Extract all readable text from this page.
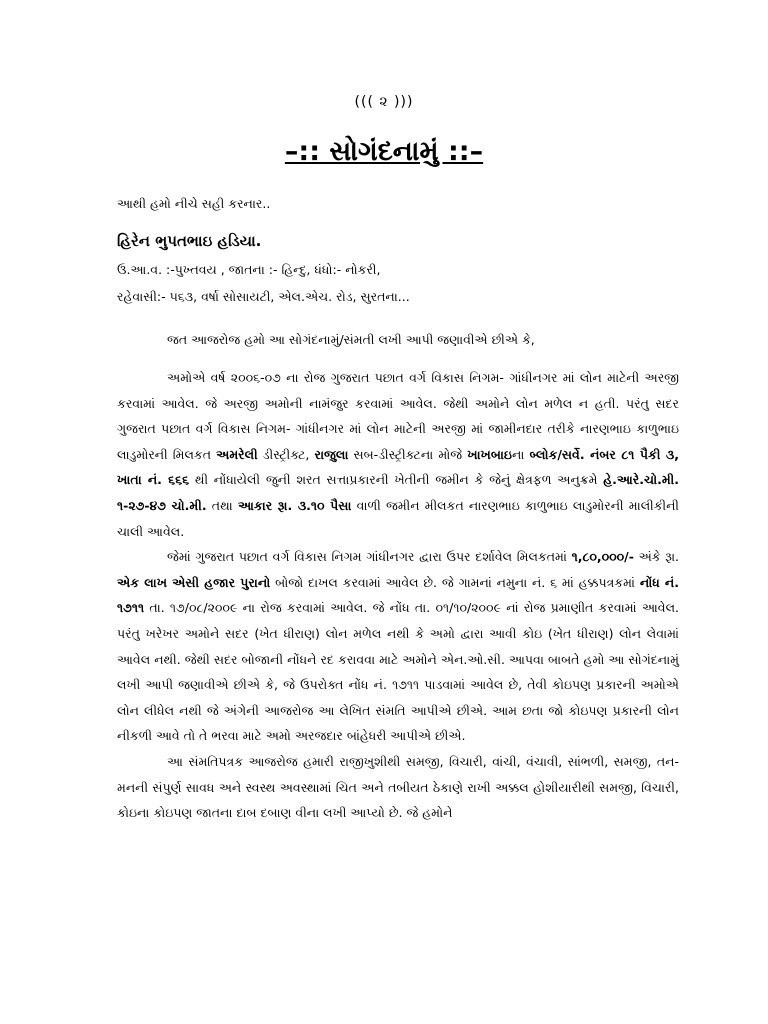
((( ૨ )))
–:: સોગંદનામું ::–
આથી હમો નીચે સહી કરનાર..
હિરેન ભુપતભાઇ હડિયા.
ઉ.આ.વ. :-પુખ્તવય , જાતના :- હિન્દુ, ધંધો:- નોકરી,
રહેવાસી:- ૫૬૩, વર્ષા સોસાયટી, એલ.એચ. રોડ, સુરતના...
જત આજરોજ હમો આ સોગંદનામું/સંમતી લખી આપી જણાવીએ છીએ કે,

અમોએ વર્ષ ૨૦૦૬-૦૭ ના રોજ ગુજરાત પછાત વર્ગ વિકાસ નિગમ- ગાંધીનગર માં લોન માટેની અરજી કરવામાં આવેલ. જે અરજી અમોની નામંજુર કરવામાં આવેલ. જેથી અમોને લોન મળેલ ન હતી. પરંતુ સદર ગુજરાત પછાત વર્ગ વિકાસ નિગમ- ગાંધીનગર માં લોન માટેની અરજી માં જામીનદાર તરીકે નારણભાઇ કાળુભાઇ લાડુમોરની મિલકત અમરેલી ડીસ્ટ્રીક્ટ, રાજુલા સબ-ડીસ્ટ્રીક્ટના મોજે ખાખબાઇના બ્લોક/સર્વે. નંબર ૮૧ પૈકી ૩, ખાતા નં. ૬૬૬ થી નોંધાયેલી જુની શરત સત્તાપ્રકારની ખેતીની જમીન કે જેનું ક્ષેત્રફળ અનુક્રમે હે.આરે.ચો.મી. ૧-૨૭-૪૭ ચો.મી. તથા આકાર રૂા. ૩.૧૦ પૈસા વાળી જમીન મીલકત નારણભાઇ કાળુભાઇ લાડુમોરની માલીકીની ચાલી આવેલ.

જેમાં ગુજરાત પછાત વર્ગ વિકાસ નિગમ ગાંધીનગર દ્વારા ઉપર દર્શાવેલ મિલકતમાં ૧,૮૦,૦૦૦/- અંકે રૂા. એક લાખ એસી હજાર પુરાનો બોજો દાખલ કરવામાં આવેલ છે. જે ગામનાં નમુના નં. ૬ માં હક્કપત્રકમાં નોંધ નં. ૧૭૧૧ તા. ૧૭/૦૮/૨૦૦૯ ના રોજ કરવામાં આવેલ. જે નોંધ તા. ૦૧/૧૦/૨૦૦૯ નાં રોજ પ્રમાણીત કરવામાં આવેલ. પરંતુ ખરેખર અમોને સદર (ખેત ધીરાણ) લોન મળેલ નથી કે અમો દ્વારા આવી કોઇ (ખેત ધીરાણ) લોન લેવામાં આવેલ નથી. જેથી સદર બોજાની નોંધને રદ કરાવવા માટે અમોને એન.ઓ.સી. આપવા બાબતે હમો આ સોગંદનામું લખી આપી જણાવીએ છીએ કે, જે ઉપરોક્ત નોંધ નં. ૧૭૧૧ પાડવામાં આવેલ છે, તેવી કોઇપણ પ્રકારની અમોએ લોન લીધેલ નથી જે અંગેની આજરોજ આ લેખિત સંમતિ આપીએ છીએ. આમ છતા જો કોઇપણ પ્રકારની લોન નીકળી આવે તો તે ભરવા માટે અમો અરજદાર બાંહેધરી આપીએ છીએ.

આ સંમતિપત્રક આજરોજ હમારી રાજીખુશીથી સમજી, વિચારી, વાંચી, વંચાવી, સાંભળી, સમજી, તન-મનની સંપુર્ણ સાવધ અને સ્વસ્થ અવસ્થામાં ચિત અને તબીયત ઠેકાણે રાખી અક્કલ હોશીયારીથી સમજી, વિચારી, કોઇના કોઇપણ જાતના દાબ દબાણ વીના લખી આપ્યો છે. જે હમોને
